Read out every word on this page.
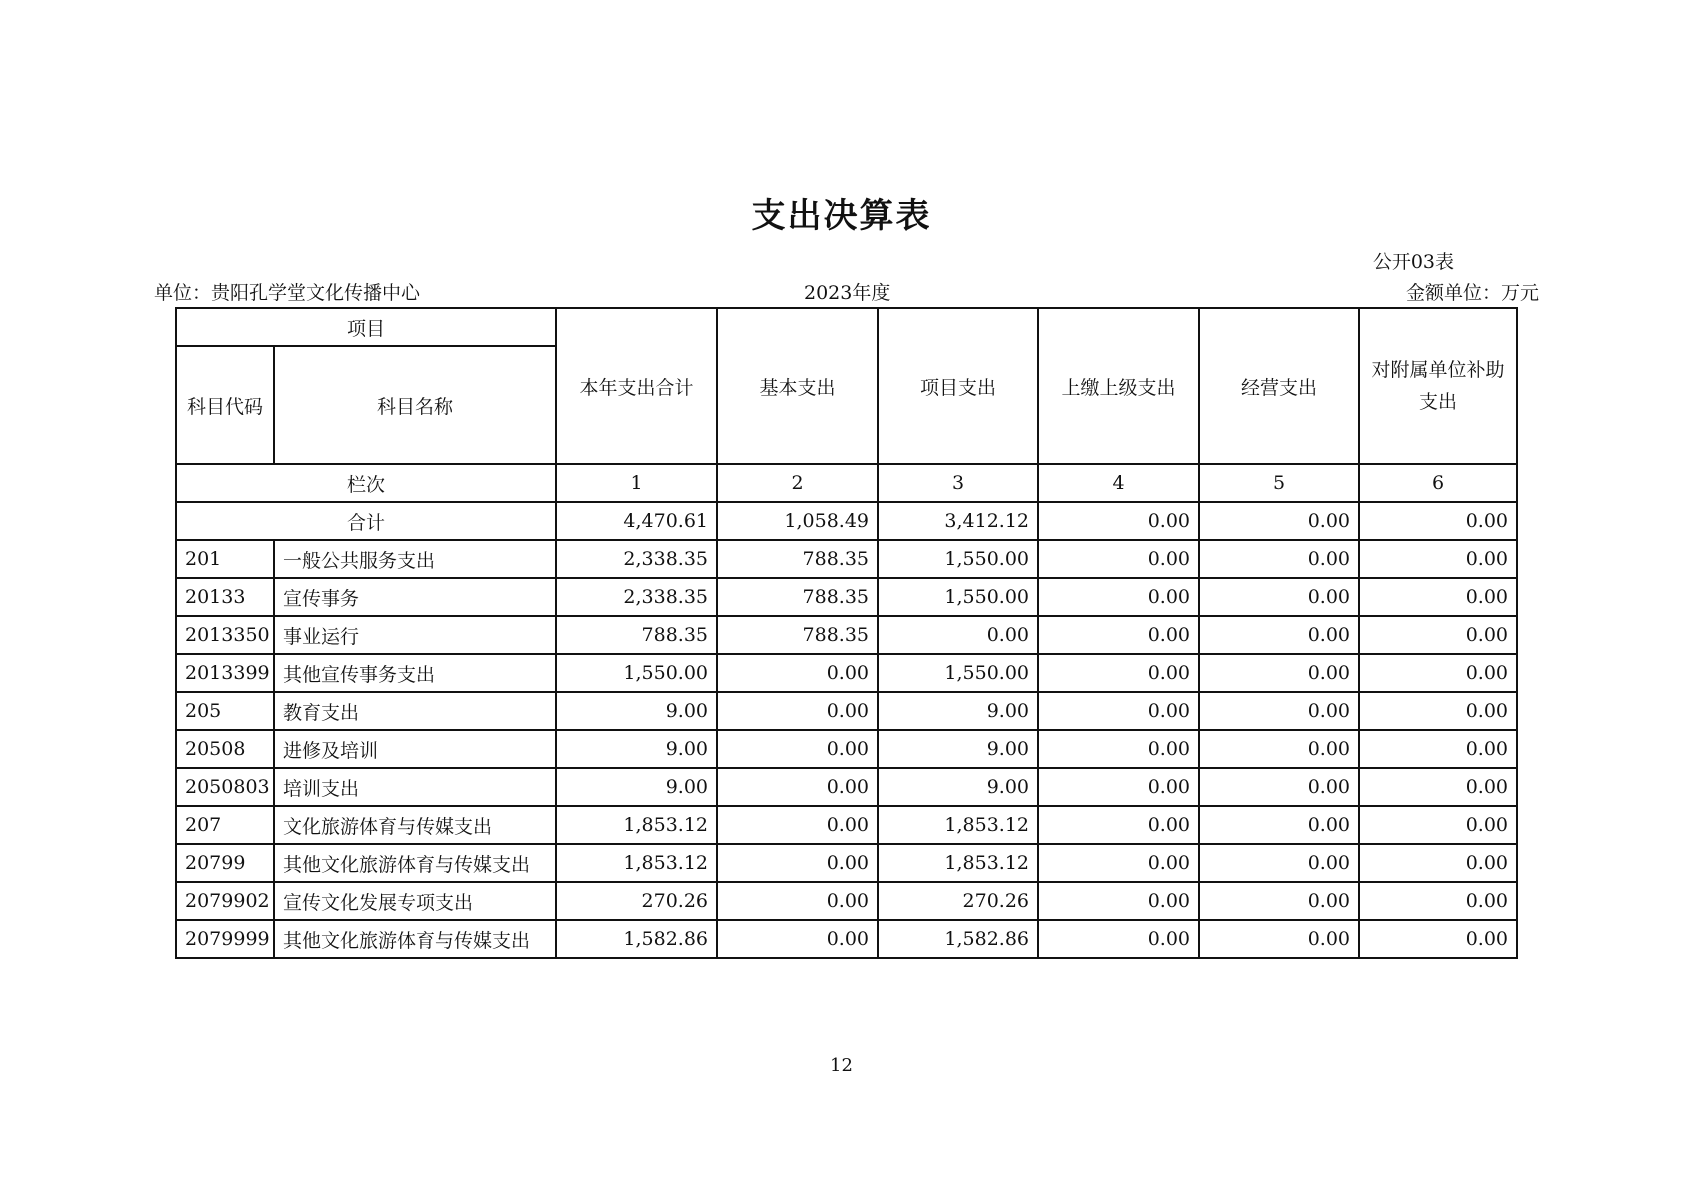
支出决算表
公开03表
单位：贵阳孔学堂文化传播中心	2023年度	金额单位：万元
项目		本年支出合计	基本支出	项目支出	上缴上级支出	经营支出	对附属单位补助支出
科目代码	科目名称						
栏次		1	2	3	4	5	6
合计		4,470.61	1,058.49	3,412.12	0.00	0.00	0.00
201	一般公共服务支出	2,338.35	788.35	1,550.00	0.00	0.00	0.00
20133	宣传事务	2,338.35	788.35	1,550.00	0.00	0.00	0.00
2013350	事业运行	788.35	788.35	0.00	0.00	0.00	0.00
2013399	其他宣传事务支出	1,550.00	0.00	1,550.00	0.00	0.00	0.00
205	教育支出	9.00	0.00	9.00	0.00	0.00	0.00
20508	进修及培训	9.00	0.00	9.00	0.00	0.00	0.00
2050803	培训支出	9.00	0.00	9.00	0.00	0.00	0.00
207	文化旅游体育与传媒支出	1,853.12	0.00	1,853.12	0.00	0.00	0.00
20799	其他文化旅游体育与传媒支出	1,853.12	0.00	1,853.12	0.00	0.00	0.00
2079902	宣传文化发展专项支出	270.26	0.00	270.26	0.00	0.00	0.00
2079999	其他文化旅游体育与传媒支出	1,582.86	0.00	1,582.86	0.00	0.00	0.00
12
